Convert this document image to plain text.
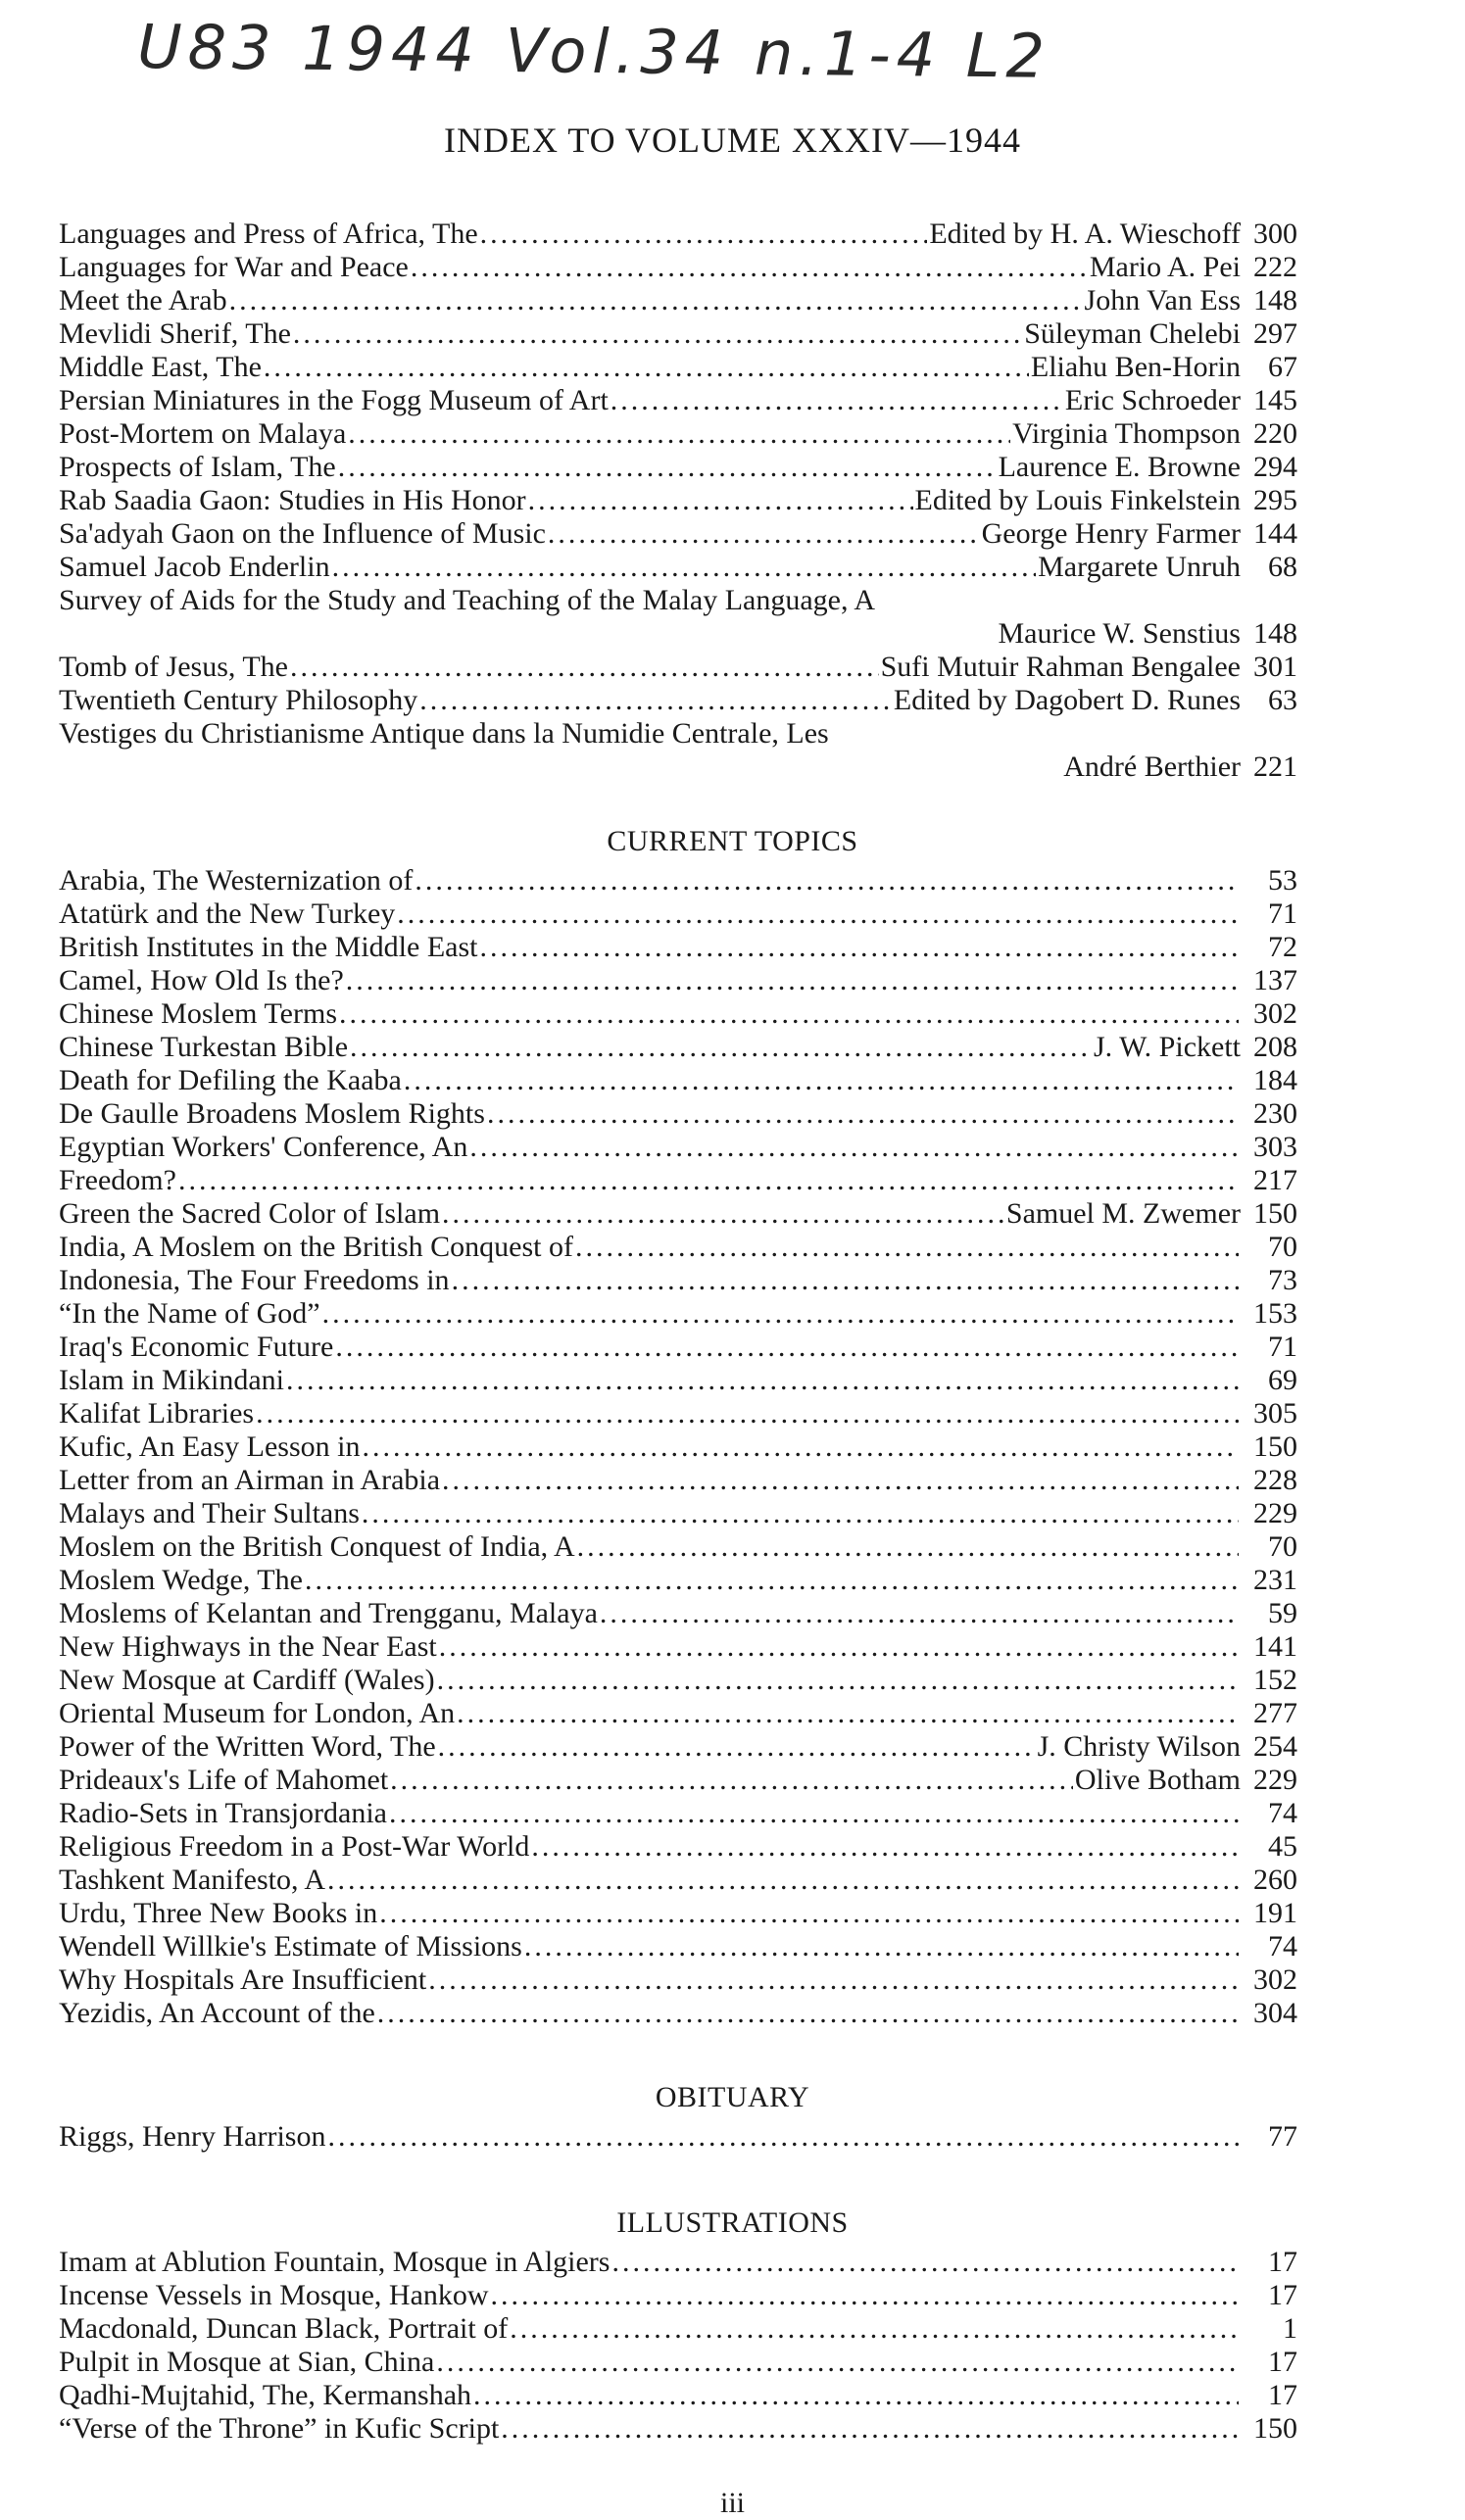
U83 1944 Vol.34 n.1-4 L2
INDEX TO VOLUME XXXIV—1944
Languages and Press of Africa, The .....	Edited by H. A. Wieschoff 300
Languages for War and Peace .....	Mario A. Pei 222
Meet the Arab .....	John Van Ess 148
Mevlidi Sherif, The .....	Süleyman Chelebi 297
Middle East, The .....	Eliahu Ben-Horin 67
Persian Miniatures in the Fogg Museum of Art .....	Eric Schroeder 145
Post-Mortem on Malaya .....	Virginia Thompson 220
Prospects of Islam, The .....	Laurence E. Browne 294
Rab Saadia Gaon: Studies in His Honor .....	Edited by Louis Finkelstein 295
Sa'adyah Gaon on the Influence of Music .....	George Henry Farmer 144
Samuel Jacob Enderlin .....	Margarete Unruh 68
Survey of Aids for the Study and Teaching of the Malay Language, A
Maurice W. Senstius 148
Tomb of Jesus, The .....	Sufi Mutuir Rahman Bengalee 301
Twentieth Century Philosophy .....	Edited by Dagobert D. Runes 63
Vestiges du Christianisme Antique dans la Numidie Centrale, Les
André Berthier 221
CURRENT TOPICS
Arabia, The Westernization of .....	53
Atatürk and the New Turkey .....	71
British Institutes in the Middle East .....	72
Camel, How Old Is the? .....	137
Chinese Moslem Terms .....	302
Chinese Turkestan Bible .....	J. W. Pickett 208
Death for Defiling the Kaaba .....	184
De Gaulle Broadens Moslem Rights .....	230
Egyptian Workers' Conference, An .....	303
Freedom? .....	217
Green the Sacred Color of Islam .....	Samuel M. Zwemer 150
India, A Moslem on the British Conquest of .....	70
Indonesia, The Four Freedoms in .....	73
“In the Name of God” .....	153
Iraq's Economic Future .....	71
Islam in Mikindani .....	69
Kalifat Libraries .....	305
Kufic, An Easy Lesson in .....	150
Letter from an Airman in Arabia .....	228
Malays and Their Sultans .....	229
Moslem on the British Conquest of India, A .....	70
Moslem Wedge, The .....	231
Moslems of Kelantan and Trengganu, Malaya .....	59
New Highways in the Near East .....	141
New Mosque at Cardiff (Wales) .....	152
Oriental Museum for London, An .....	277
Power of the Written Word, The .....	J. Christy Wilson 254
Prideaux's Life of Mahomet .....	Olive Botham 229
Radio-Sets in Transjordania .....	74
Religious Freedom in a Post-War World .....	45
Tashkent Manifesto, A .....	260
Urdu, Three New Books in .....	191
Wendell Willkie's Estimate of Missions .....	74
Why Hospitals Are Insufficient .....	302
Yezidis, An Account of the .....	304
OBITUARY
Riggs, Henry Harrison .....	77
ILLUSTRATIONS
Imam at Ablution Fountain, Mosque in Algiers .....	17
Incense Vessels in Mosque, Hankow .....	17
Macdonald, Duncan Black, Portrait of .....	1
Pulpit in Mosque at Sian, China .....	17
Qadhi-Mujtahid, The, Kermanshah .....	17
“Verse of the Throne” in Kufic Script .....	150
iii
